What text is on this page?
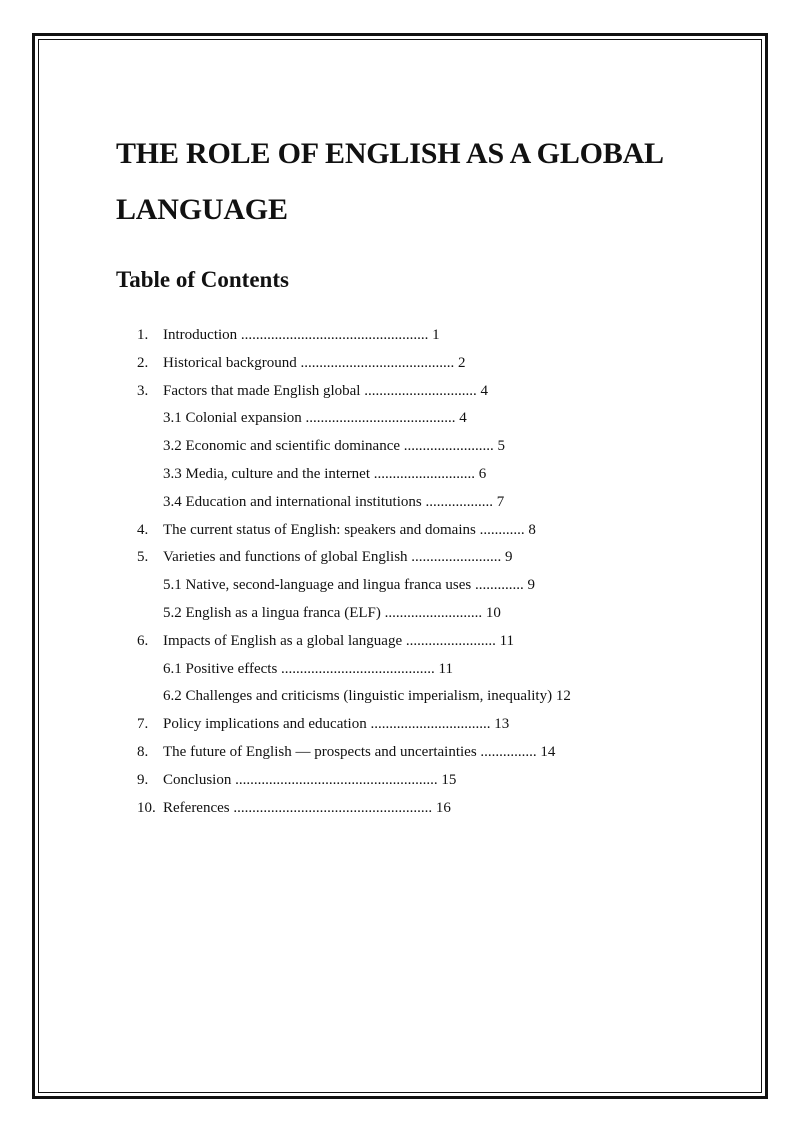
THE ROLE OF ENGLISH AS A GLOBAL LANGUAGE
Table of Contents
1. Introduction .................................................. 1
2. Historical background ......................................... 2
3. Factors that made English global .............................. 4
3.1 Colonial expansion ........................................ 4
3.2 Economic and scientific dominance ........................ 5
3.3 Media, culture and the internet ........................... 6
3.4 Education and international institutions .................. 7
4. The current status of English: speakers and domains ............ 8
5. Varieties and functions of global English ........................ 9
5.1 Native, second-language and lingua franca uses ............. 9
5.2 English as a lingua franca (ELF) .......................... 10
6. Impacts of English as a global language ........................ 11
6.1 Positive effects ......................................... 11
6.2 Challenges and criticisms (linguistic imperialism, inequality) 12
7. Policy implications and education ................................ 13
8. The future of English — prospects and uncertainties ............... 14
9. Conclusion ...................................................... 15
10. References ..................................................... 16
